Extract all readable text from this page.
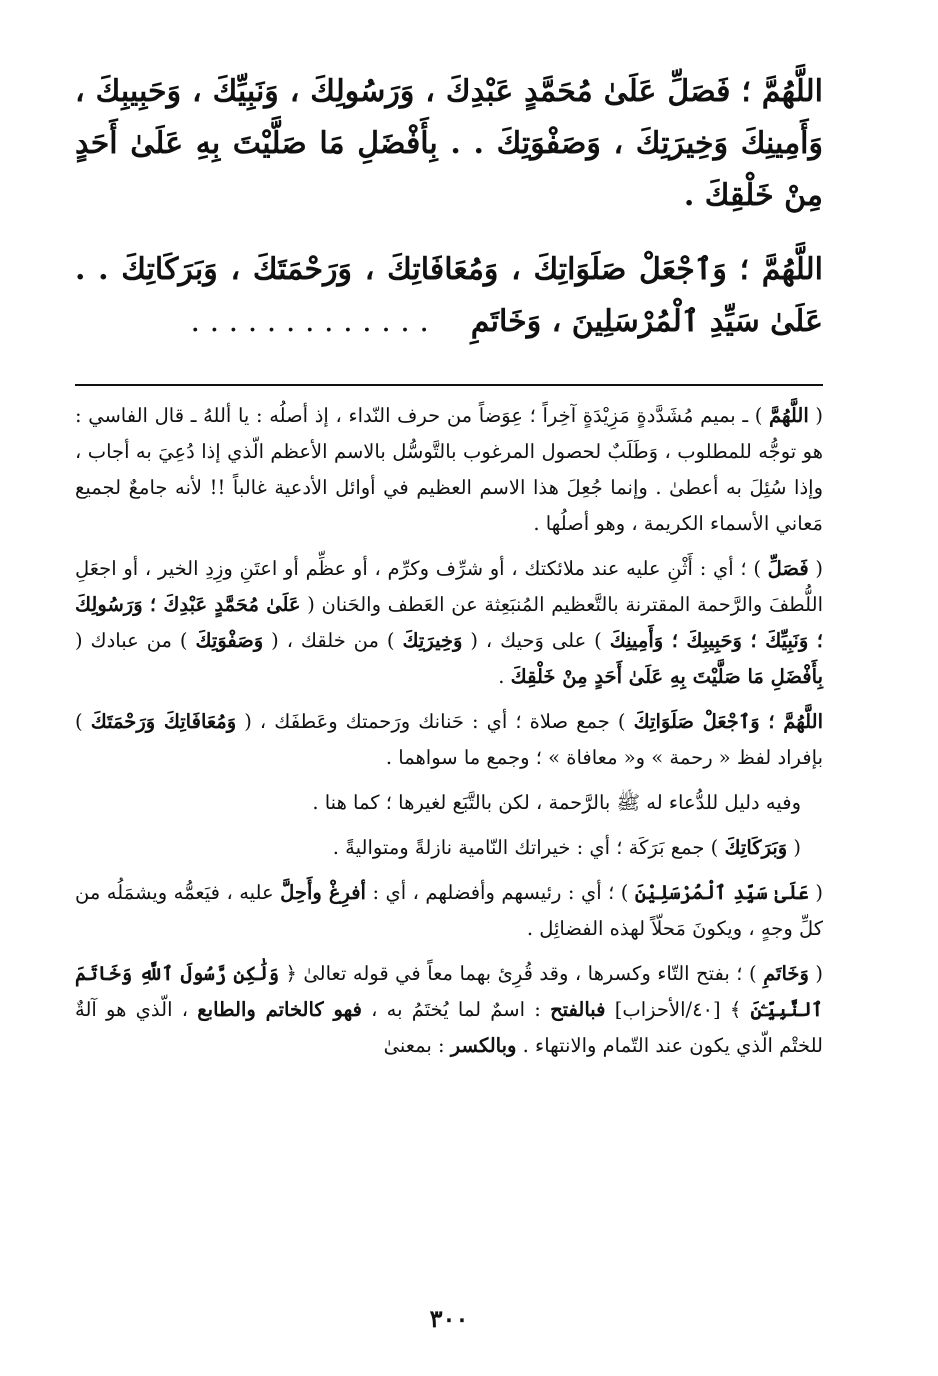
اللَّهُمَّ ؛ فَصَلِّ عَلَىٰ مُحَمَّدٍ عَبْدِكَ ، وَرَسُولِكَ ، وَنَبِيِّكَ ، وَحَبِيبِكَ ، وَأَمِينِكَ وَخِيرَتِكَ ، وَصَفْوَتِكَ . . بِأَفْضَلِ مَا صَلَّيْتَ بِهِ عَلَىٰ أَحَدٍ مِنْ خَلْقِكَ .

اللَّهُمَّ ؛ وَٱجْعَلْ صَلَوَاتِكَ ، وَمُعَافَاتِكَ ، وَرَحْمَتَكَ ، وَبَرَكَاتِكَ . . عَلَىٰ سَيِّدِ ٱلْمُرْسَلِينَ ، وَخَاتَمِ    . . . . . . . . . . . . .

( اللَّهُمَّ ) ـ بميم مُشَدَّدةٍ مَزِيْدَةٍ آخِراً ؛ عِوَضاً من حرف النّداء ، إذ أصلُه : يا أللهُ ـ قال الفاسي : هو توجُّه للمطلوب ، وَطَلَبٌ لحصول المرغوب بالتَّوسُّل بالاسم الأعظم الّذي إذا دُعِيَ به أجاب ، وإذا سُئِلَ به أعطىٰ . وإنما جُعِلَ هذا الاسم العظيم في أوائل الأدعية غالباً !! لأنه جامعٌ لجميع مَعاني الأسماء الكريمة ، وهو أصلُها .

( فَصَلِّ ) ؛ أي : أَثْنِ عليه عند ملائكتك ، أو شرِّف وكرِّم ، أو عظِّم أو اعتَنِ وزِدِ الخير ، أو اجعَلِ اللُّطفَ والرَّحمة المقترنة بالتَّعظيم المُنبَعِثة عن العَطف والحَنان ( عَلَىٰ مُحَمَّدٍ عَبْدِكَ ؛ وَرَسُولِكَ ؛ وَنَبِيِّكَ ؛ وَحَبِيبِكَ ؛ وَأَمِينِكَ ) على وَحيك ، ( وَخِيرَتِكَ ) من خلقك ، ( وَصَفْوَتِكَ ) من عبادك ( بِأَفْضَلِ مَا صَلَّيْتَ بِهِ عَلَىٰ أَحَدٍ مِنْ خَلْقِكَ .

اللَّهُمَّ ؛ وَٱجْعَلْ صَلَوَاتِكَ ) جمع صلاة ؛ أي : حَنانك ورَحمتك وعَطفَك ، ( وَمُعَافَاتِكَ وَرَحْمَتَكَ ) بإفراد لفظ « رحمة » و« معافاة » ؛ وجمع ما سواهما .

وفيه دليل للدُّعاء له ﷺ بالرَّحمة ، لكن بالتَّبَع لغيرها ؛ كما هنا .

( وَبَرَكَاتِكَ ) جمع بَرَكَة ؛ أي : خيراتك النّامية نازلةً ومتواليةً .

( عَلَىٰ سَيِّدِ ٱلْمُرْسَلِيْنَ ) ؛ أي : رئيسهم وأفضلهم ، أي : أفرِغْ وأَحِلَّ عليه ، فيَعمُّه ويشمَلُه من كلِّ وجهٍ ، ويكونَ مَحلّاً لهذه الفضائِل .

( وَخَاتَمِ ) ؛ بفتح التّاء وكسرها ، وقد قُرِئ بهما معاً في قوله تعالىٰ ﴿ وَلَٰكِن رَّسُولَ ٱللَّهِ وَخَاتَمَ ٱلنَّبِيِّـۧنَ ﴾ [٤٠/الأحزاب] فبالفتح : اسمٌ لما يُختَمُ به ، فهو كالخاتم والطابع ، الّذي هو آلةٌ للختْم الّذي يكون عند التّمام والانتهاء . وبالكسر : بمعنىٰ

٣٠٠
